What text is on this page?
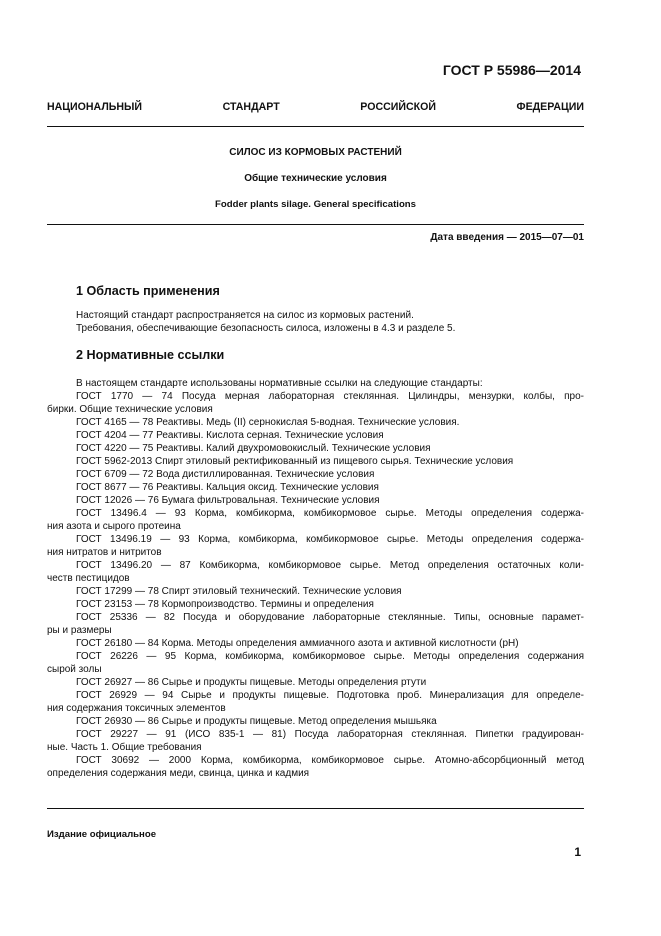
ГОСТ Р 55986—2014
НАЦИОНАЛЬНЫЙ СТАНДАРТ РОССИЙСКОЙ ФЕДЕРАЦИИ
СИЛОС ИЗ КОРМОВЫХ РАСТЕНИЙ
Общие технические условия
Fodder plants silage. General specifications
Дата введения — 2015—07—01
1 Область применения
Настоящий стандарт распространяется на силос из кормовых растений.
Требования, обеспечивающие безопасность силоса, изложены в 4.3 и разделе 5.
2 Нормативные ссылки
В настоящем стандарте использованы нормативные ссылки на следующие стандарты:
ГОСТ 1770 — 74 Посуда мерная лабораторная стеклянная. Цилиндры, мензурки, колбы, про-
бирки. Общие технические условия
ГОСТ 4165 — 78 Реактивы. Медь (II) сернокислая 5-водная. Технические условия.
ГОСТ 4204 — 77 Реактивы. Кислота серная. Технические условия
ГОСТ 4220 — 75 Реактивы. Калий двухромовокислый. Технические условия
ГОСТ 5962-2013 Спирт этиловый ректификованный из пищевого сырья. Технические условия
ГОСТ 6709 — 72 Вода дистиллированная. Технические условия
ГОСТ 8677 — 76 Реактивы. Кальция оксид. Технические условия
ГОСТ 12026 — 76 Бумага фильтровальная. Технические условия
ГОСТ 13496.4 — 93 Корма, комбикорма, комбикормовое сырье. Методы определения содержа-
ния азота и сырого протеина
ГОСТ 13496.19 — 93 Корма, комбикорма, комбикормовое сырье. Методы определения содержа-
ния нитратов и нитритов
ГОСТ 13496.20 — 87 Комбикорма, комбикормовое сырье. Метод определения остаточных коли-
честв пестицидов
ГОСТ 17299 — 78 Спирт этиловый технический. Технические условия
ГОСТ 23153 — 78 Кормопроизводство. Термины и определения
ГОСТ 25336 — 82 Посуда и оборудование лабораторные стеклянные. Типы, основные парамет-
ры и размеры
ГОСТ 26180 — 84 Корма. Методы определения аммиачного азота и активной кислотности (рН)
ГОСТ 26226 — 95 Корма, комбикорма, комбикормовое сырье. Методы определения содержания
сырой золы
ГОСТ 26927 — 86 Сырье и продукты пищевые. Методы определения ртути
ГОСТ 26929 — 94 Сырье и продукты пищевые. Подготовка проб. Минерализация для определе-
ния содержания токсичных элементов
ГОСТ 26930 — 86 Сырье и продукты пищевые. Метод определения мышьяка
ГОСТ 29227 — 91 (ИСО 835-1 — 81) Посуда лабораторная стеклянная. Пипетки градуирован-
ные. Часть 1. Общие требования
ГОСТ 30692 — 2000 Корма, комбикорма, комбикормовое сырье. Атомно-абсорбционный метод
определения содержания меди, свинца, цинка и кадмия
Издание официальное
1
